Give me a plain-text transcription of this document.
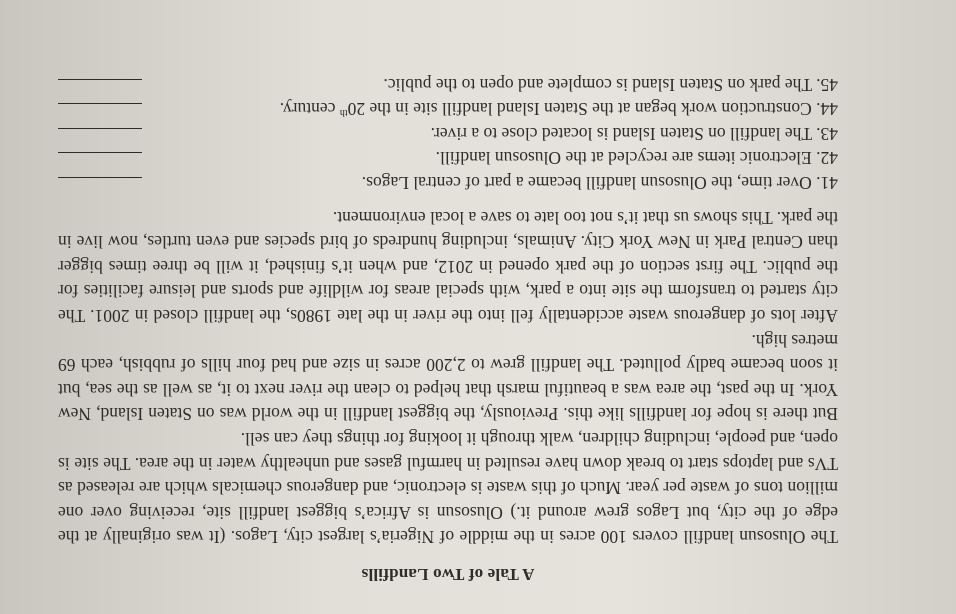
A Tale of Two Landfills

The Olusosun landfill covers 100 acres in the middle of Nigeria’s largest city, Lagos. (It was originally at the edge of the city, but Lagos grew around it.) Olusosun is Africa’s biggest landfill site, receiving over one million tons of waste per year. Much of this waste is electronic, and dangerous chemicals which are released as TVs and laptops start to break down have resulted in harmful gases and unhealthy water in the area. The site is open, and people, including children, walk through it looking for things they can sell.

But there is hope for landfills like this. Previously, the biggest landfill in the world was on Staten Island, New York. In the past, the area was a beautiful marsh that helped to clean the river next to it, as well as the sea, but it soon became badly polluted. The landfill grew to 2,200 acres in size and had four hills of rubbish, each 69 metres high.

After lots of dangerous waste accidentally fell into the river in the late 1980s, the landfill closed in 2001. The city started to transform the site into a park, with special areas for wildlife and sports and leisure facilities for the public. The first section of the park opened in 2012, and when it’s finished, it will be three times bigger than Central Park in New York City. Animals, including hundreds of bird species and even turtles, now live in the park. This shows us that it’s not too late to save a local environment.

41. Over time, the Olusosun landfill became a part of central Lagos.
42. Electronic items are recycled at the Olusosun landfill.
43. The landfill on Staten Island is located close to a river.
44. Construction work began at the Staten Island landfill site in the 20th century.
45. The park on Staten Island is complete and open to the public.
